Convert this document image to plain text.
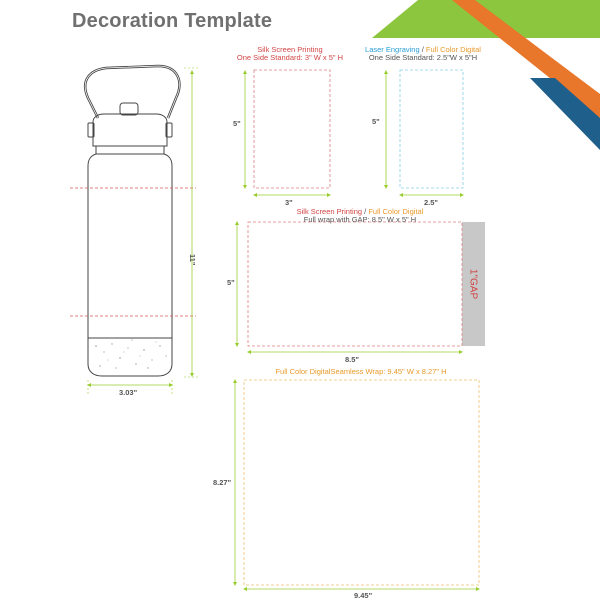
Decoration Template
11"
3.03"
Silk Screen Printing
One Side Standard: 3" W x 5" H
5"
3"
Laser Engraving / Full Color Digital
One Side Standard: 2.5"W x 5"H
5"
2.5"
Silk Screen Printing / Full Color Digital
Full wrap with GAP: 8.5" W x 5" H
5"
8.5"
1"GAP
Full Color DigitalSeamless Wrap: 9.45" W x 8.27" H
8.27"
9.45"
